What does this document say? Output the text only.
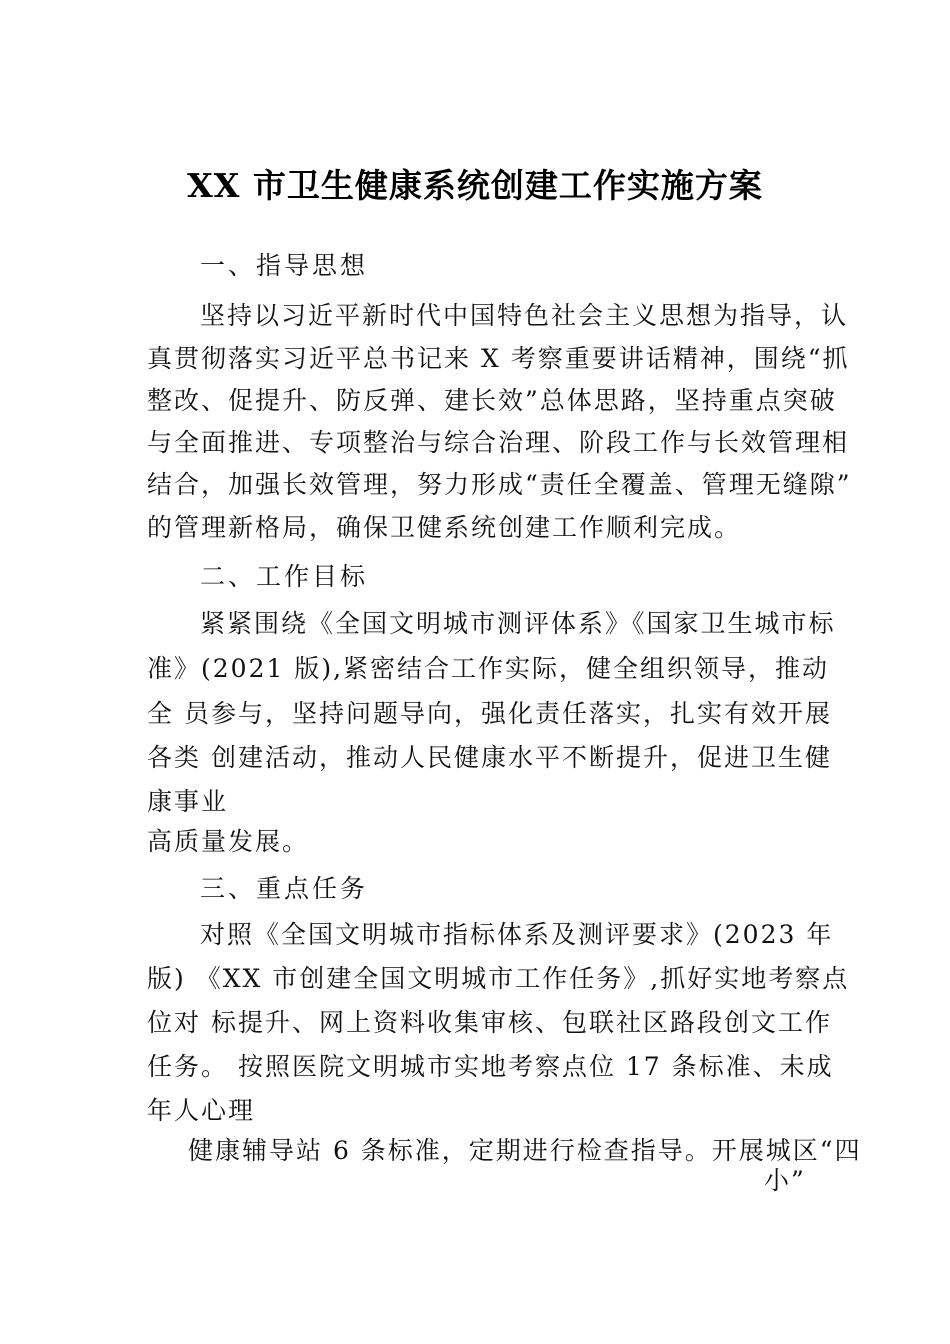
XX 市卫生健康系统创建工作实施方案
一、指导思想
坚持以习近平新时代中国特色社会主义思想为指导，认
真贯彻落实习近平总书记来 X 考察重要讲话精神，围绕“抓
整改、促提升、防反弹、建长效”总体思路，坚持重点突破
与全面推进、专项整治与综合治理、阶段工作与长效管理相
结合，加强长效管理，努力形成“责任全覆盖、管理无缝隙”
的管理新格局，确保卫健系统创建工作顺利完成。
二、工作目标
紧紧围绕《全国文明城市测评体系》《国家卫生城市标
准》(2021 版),紧密结合工作实际，健全组织领导，推动
全 员参与，坚持问题导向，强化责任落实，扎实有效开展
各类 创建活动，推动人民健康水平不断提升，促进卫生健
康事业
高质量发展。
三、重点任务
对照《全国文明城市指标体系及测评要求》(2023 年
版) 《XX 市创建全国文明城市工作任务》,抓好实地考察点
位对 标提升、网上资料收集审核、包联社区路段创文工作
任务。 按照医院文明城市实地考察点位 17 条标准、未成
年人心理
健康辅导站 6 条标准，定期进行检查指导。开展城区“四
小”
